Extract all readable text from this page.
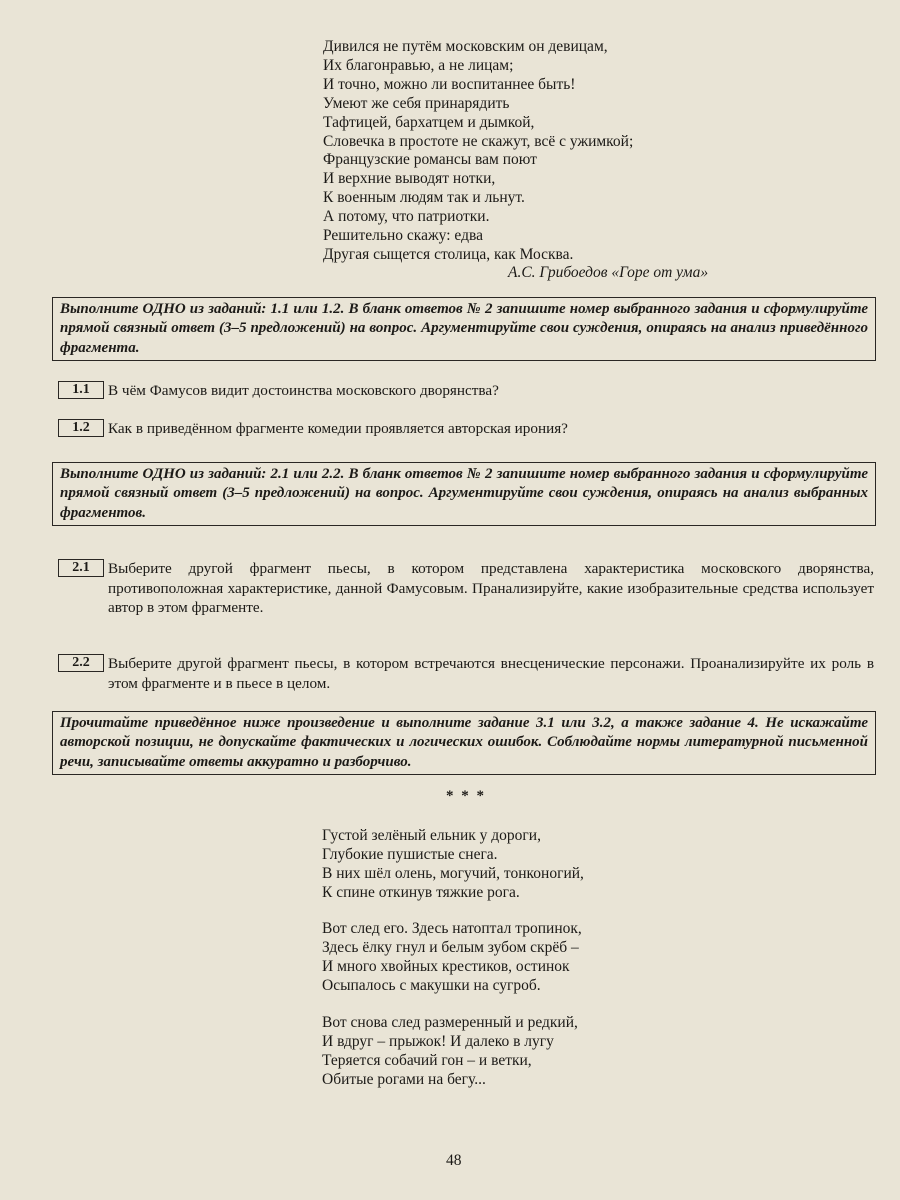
Дивился не путём московским он девицам,
Их благонравью, а не лицам;
И точно, можно ли воспитаннее быть!
Умеют же себя принарядить
Тафтицей, бархатцем и дымкой,
Словечка в простоте не скажут, всё с ужимкой;
Французские романсы вам поют
И верхние выводят нотки,
К военным людям так и льнут.
А потому, что патриотки.
Решительно скажу: едва
Другая сыщется столица, как Москва.
А.С. Грибоедов «Горе от ума»
Выполните ОДНО из заданий: 1.1 или 1.2. В бланк ответов № 2 запишите номер выбранного задания и сформулируйте прямой связный ответ (3–5 предложений) на вопрос. Аргументируйте свои суждения, опираясь на анализ приведённого фрагмента.
1.1	В чём Фамусов видит достоинства московского дворянства?
1.2	Как в приведённом фрагменте комедии проявляется авторская ирония?
Выполните ОДНО из заданий: 2.1 или 2.2. В бланк ответов № 2 запишите номер выбранного задания и сформулируйте прямой связный ответ (3–5 предложений) на вопрос. Аргументируйте свои суждения, опираясь на анализ выбранных фрагментов.
2.1	Выберите другой фрагмент пьесы, в котором представлена характеристика московского дворянства, противоположная характеристике, данной Фамусовым. Пранализируйте, какие изобразительные средства использует автор в этом фрагменте.
2.2	Выберите другой фрагмент пьесы, в котором встречаются внесценические персонажи. Проанализируйте их роль в этом фрагменте и в пьесе в целом.
Прочитайте приведённое ниже произведение и выполните задание 3.1 или 3.2, а также задание 4. Не искажайте авторской позиции, не допускайте фактических и логических ошибок. Соблюдайте нормы литературной письменной речи, записывайте ответы аккуратно и разборчиво.
* * *
Густой зелёный ельник у дороги,
Глубокие пушистые снега.
В них шёл олень, могучий, тонконогий,
К спине откинув тяжкие рога.
Вот след его. Здесь натоптал тропинок,
Здесь ёлку гнул и белым зубом скрёб –
И много хвойных крестиков, остинок
Осыпалось с макушки на сугроб.
Вот снова след размеренный и редкий,
И вдруг – прыжок! И далеко в лугу
Теряется собачий гон – и ветки,
Обитые рогами на бегу...
48
